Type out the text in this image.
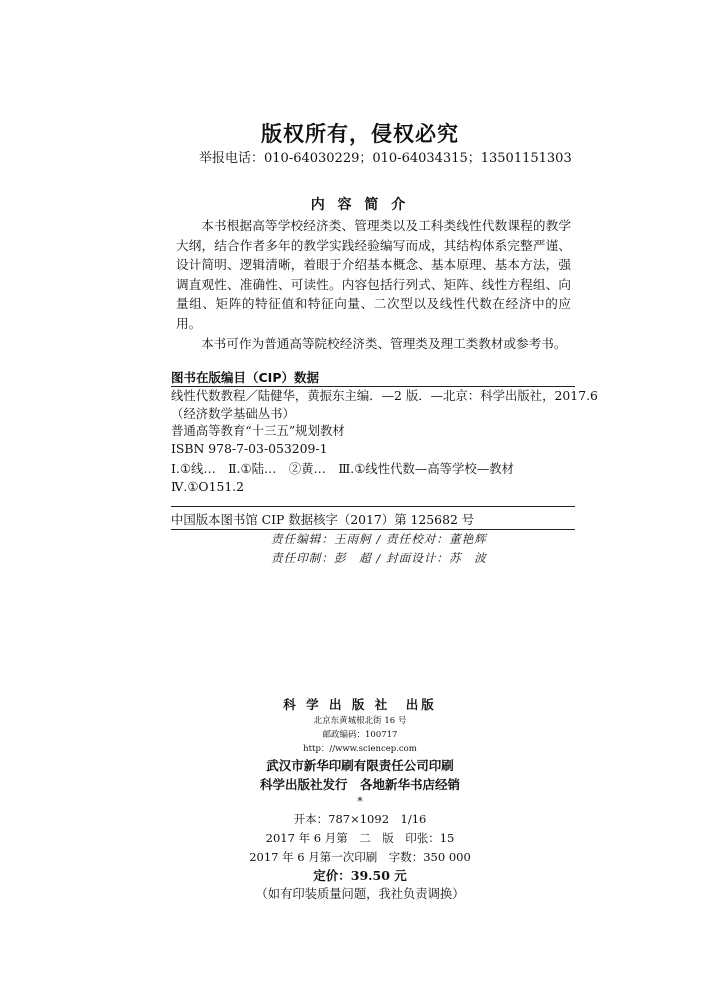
版权所有，侵权必究
举报电话：010-64030229；010-64034315；13501151303
内 容 简 介

本书根据高等学校经济类、管理类以及工科类线性代数课程的教学大纲，结合作者多年的教学实践经验编写而成，其结构体系完整严谨、设计简明、逻辑清晰，着眼于介绍基本概念、基本原理、基本方法，强调直观性、准确性、可读性。内容包括行列式、矩阵、线性方程组、向量组、矩阵的特征值和特征向量、二次型以及线性代数在经济中的应用。

本书可作为普通高等院校经济类、管理类及理工类教材或参考书。

图书在版编目（CIP）数据
线性代数教程／陆健华，黄振东主编．—2 版．—北京：科学出版社，2017.6
（经济数学基础丛书）
普通高等教育“十三五”规划教材
ISBN 978-7-03-053209-1
Ⅰ.①线…　Ⅱ.①陆…　②黄…　Ⅲ.①线性代数—高等学校—教材
Ⅳ.①O151.2
中国版本图书馆 CIP 数据核字（2017）第 125682 号
责任编辑：王雨舸 / 责任校对：董艳辉
责任印制：彭　超 / 封面设计：苏　波
科 学 出 版 社　出版
北京东黄城根北街 16 号
邮政编码：100717
http：//www.sciencep.com
武汉市新华印刷有限责任公司印刷
科学出版社发行　各地新华书店经销
*
开本：787×1092　1/16
2017 年 6 月第　二　版　印张：15
2017 年 6 月第一次印刷　字数：350 000
定价：39.50 元
（如有印装质量问题，我社负责调换）
